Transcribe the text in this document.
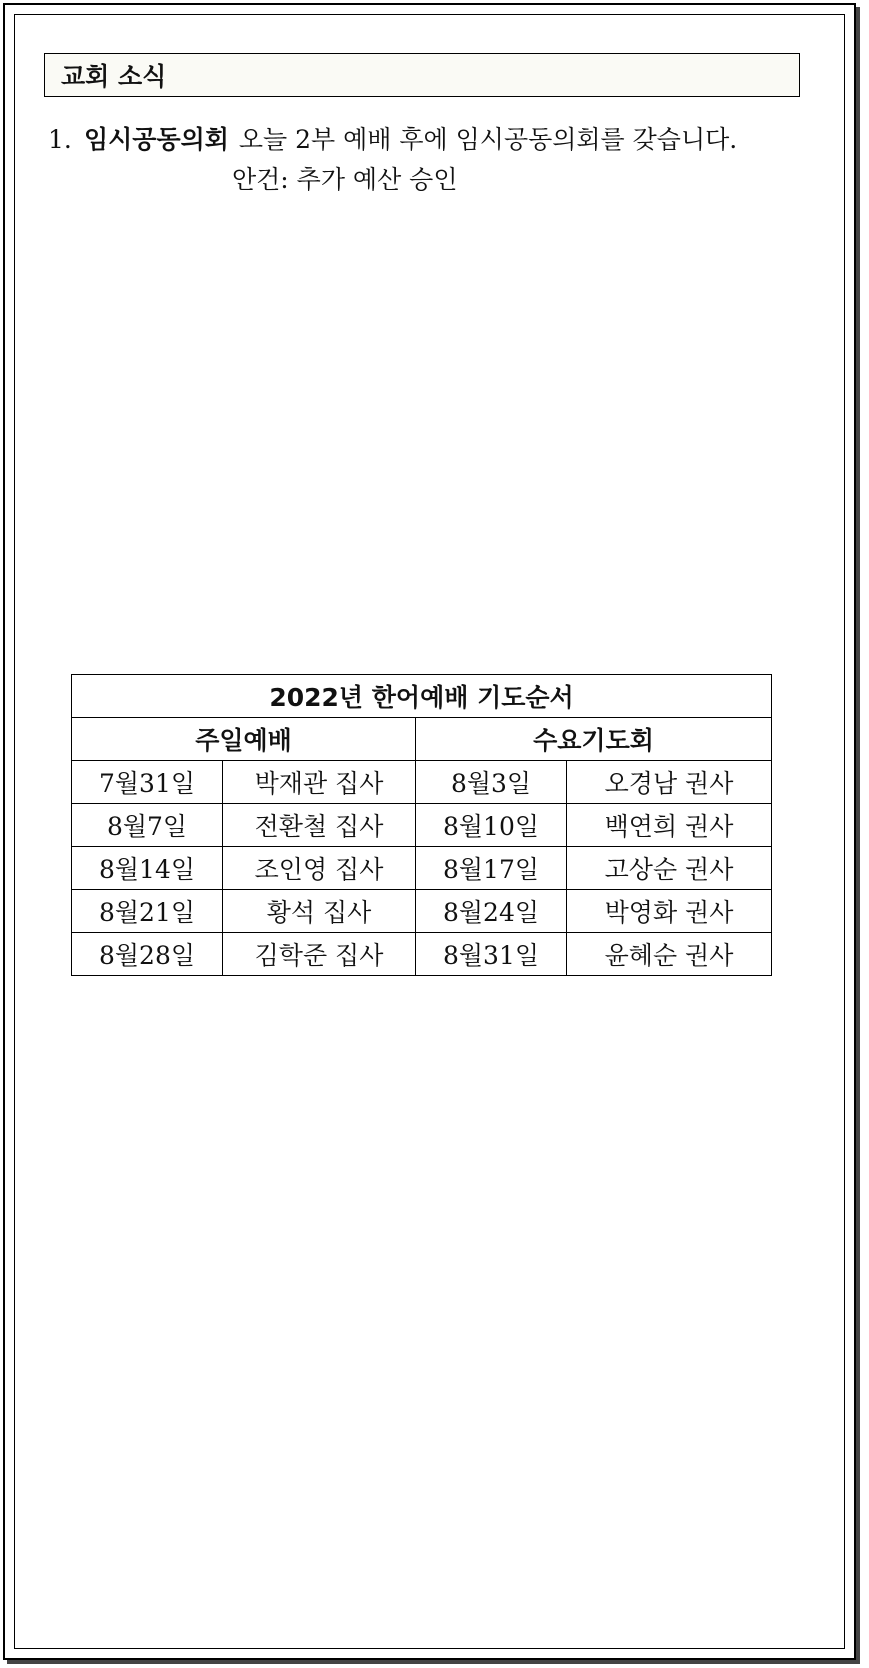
교회 소식
1. 임시공동의회 오늘 2부 예배 후에 임시공동의회를 갖습니다.
안건: 추가 예산 승인
2022년 한어예배 기도순서			
주일예배		수요기도회	
7월31일	박재관 집사	8월3일	오경남 권사
8월7일	전환철 집사	8월10일	백연희 권사
8월14일	조인영 집사	8월17일	고상순 권사
8월21일	황석 집사	8월24일	박영화 권사
8월28일	김학준 집사	8월31일	윤혜순 권사
